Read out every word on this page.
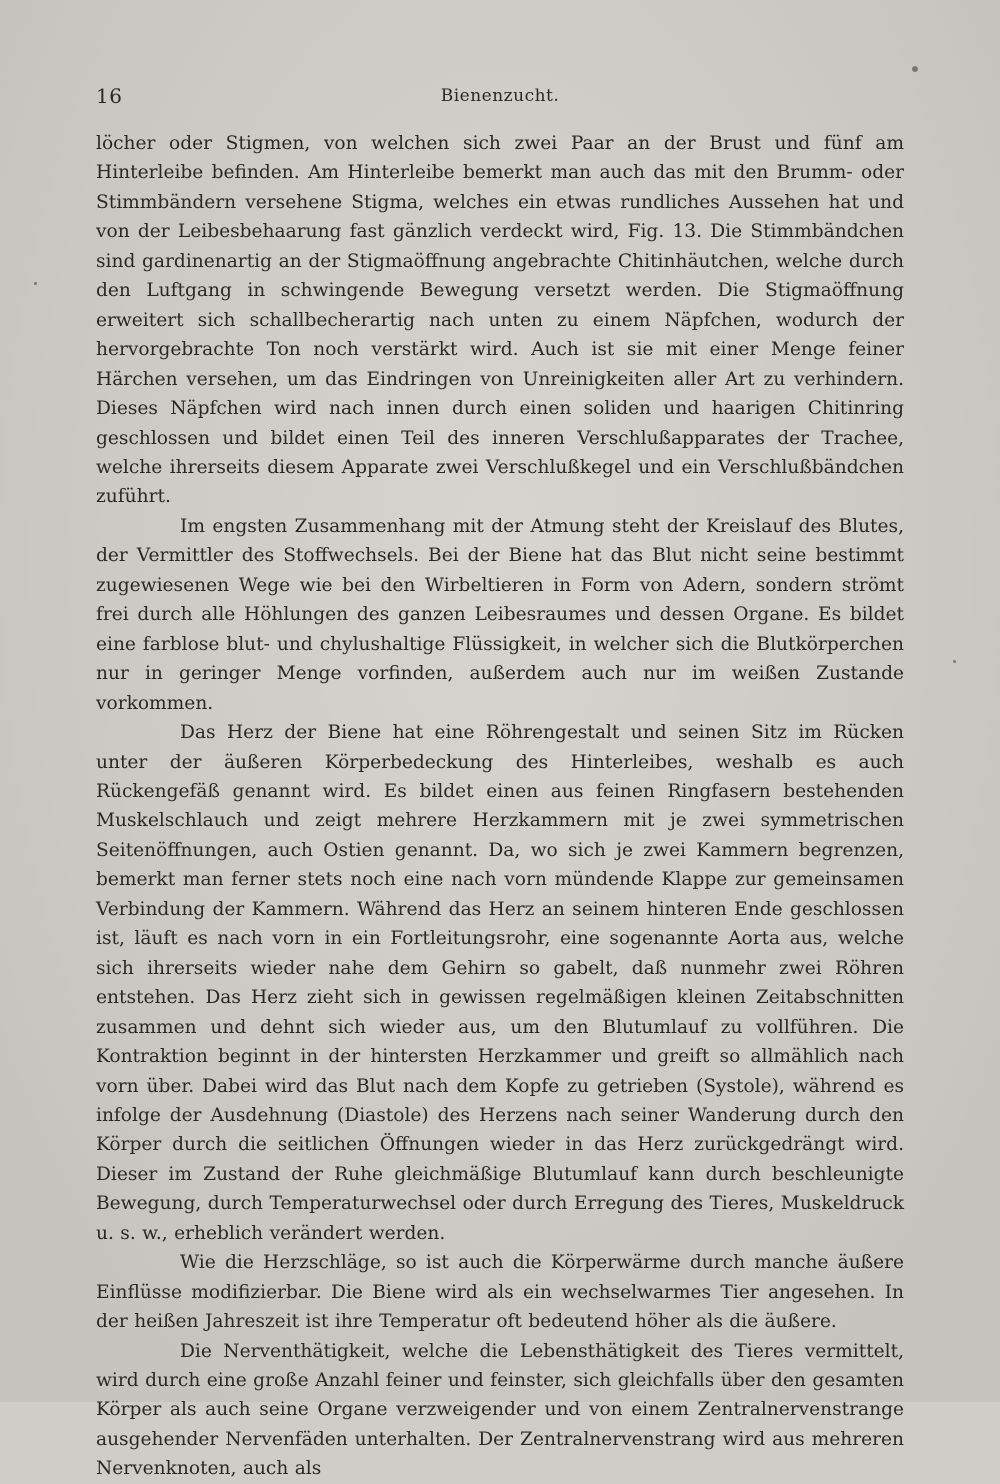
16	Bienenzucht.

löcher oder Stigmen, von welchen sich zwei Paar an der Brust und fünf am Hinterleibe befinden. Am Hinterleibe bemerkt man auch das mit den Brumm- oder Stimmbändern versehene Stigma, welches ein etwas rundliches Aussehen hat und von der Leibesbehaarung fast gänzlich verdeckt wird, Fig. 13. Die Stimmbändchen sind gardinenartig an der Stigmaöffnung angebrachte Chitinhäutchen, welche durch den Luftgang in schwingende Bewegung versetzt werden. Die Stigmaöffnung erweitert sich schallbecherartig nach unten zu einem Näpfchen, wodurch der hervorgebrachte Ton noch verstärkt wird. Auch ist sie mit einer Menge feiner Härchen versehen, um das Eindringen von Unreinigkeiten aller Art zu verhindern. Dieses Näpfchen wird nach innen durch einen soliden und haarigen Chitinring geschlossen und bildet einen Teil des inneren Verschlußapparates der Trachee, welche ihrerseits diesem Apparate zwei Verschlußkegel und ein Verschlußbändchen zuführt.

Im engsten Zusammenhang mit der Atmung steht der Kreislauf des Blutes, der Vermittler des Stoffwechsels. Bei der Biene hat das Blut nicht seine bestimmt zugewiesenen Wege wie bei den Wirbeltieren in Form von Adern, sondern strömt frei durch alle Höhlungen des ganzen Leibesraumes und dessen Organe. Es bildet eine farblose blut- und chylushaltige Flüssigkeit, in welcher sich die Blutkörperchen nur in geringer Menge vorfinden, außerdem auch nur im weißen Zustande vorkommen.

Das Herz der Biene hat eine Röhrengestalt und seinen Sitz im Rücken unter der äußeren Körperbedeckung des Hinterleibes, weshalb es auch Rückengefäß genannt wird. Es bildet einen aus feinen Ringfasern bestehenden Muskelschlauch und zeigt mehrere Herzkammern mit je zwei symmetrischen Seitenöffnungen, auch Ostien genannt. Da, wo sich je zwei Kammern begrenzen, bemerkt man ferner stets noch eine nach vorn mündende Klappe zur gemeinsamen Verbindung der Kammern. Während das Herz an seinem hinteren Ende geschlossen ist, läuft es nach vorn in ein Fortleitungsrohr, eine sogenannte Aorta aus, welche sich ihrerseits wieder nahe dem Gehirn so gabelt, daß nunmehr zwei Röhren entstehen. Das Herz zieht sich in gewissen regelmäßigen kleinen Zeitabschnitten zusammen und dehnt sich wieder aus, um den Blutumlauf zu vollführen. Die Kontraktion beginnt in der hintersten Herzkammer und greift so allmählich nach vorn über. Dabei wird das Blut nach dem Kopfe zu getrieben (Systole), während es infolge der Ausdehnung (Diastole) des Herzens nach seiner Wanderung durch den Körper durch die seitlichen Öffnungen wieder in das Herz zurückgedrängt wird. Dieser im Zustand der Ruhe gleichmäßige Blutumlauf kann durch beschleunigte Bewegung, durch Temperaturwechsel oder durch Erregung des Tieres, Muskeldruck u. s. w., erheblich verändert werden.

Wie die Herzschläge, so ist auch die Körperwärme durch manche äußere Einflüsse modifizierbar. Die Biene wird als ein wechselwarmes Tier angesehen. In der heißen Jahreszeit ist ihre Temperatur oft bedeutend höher als die äußere.

Die Nerventhätigkeit, welche die Lebensthätigkeit des Tieres vermittelt, wird durch eine große Anzahl feiner und feinster, sich gleichfalls über den gesamten Körper als auch seine Organe verzweigender und von einem Zentralnervenstrange ausgehender Nervenfäden unterhalten. Der Zentralnervenstrang wird aus mehreren Nervenknoten, auch als
